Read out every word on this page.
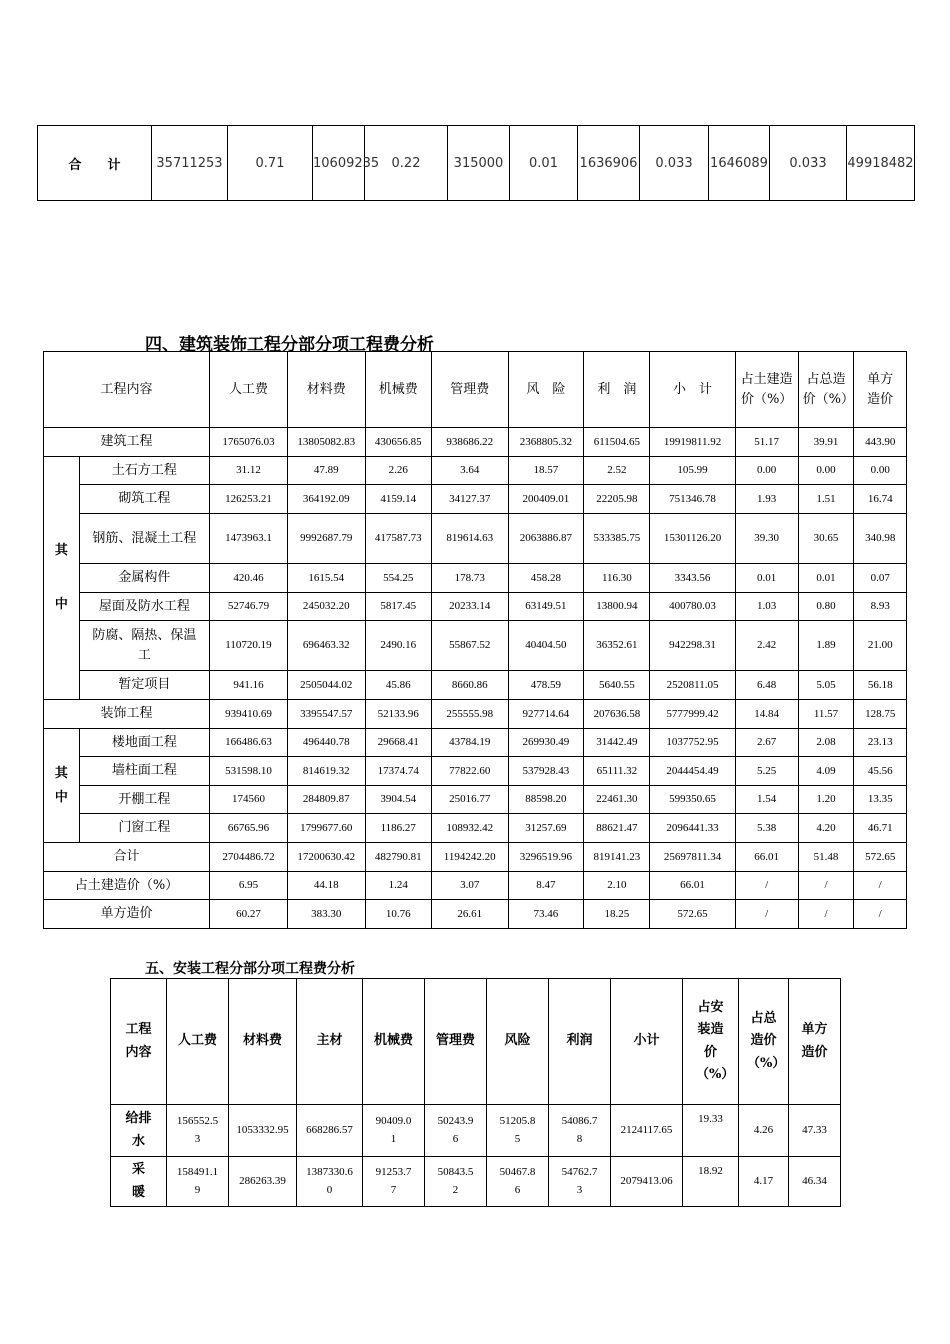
合　　计	35711253	0.71	10609235	0.22	315000	0.01	1636906	0.033	1646089	0.033	49918482
四、建筑装饰工程分部分项工程费分析
工程内容		人工费	材料费	机械费	管理费	风　险	利　润	小　计	占土建造价（%）	占总造价（%）	单方造价
建筑工程		1765076.03	13805082.83	430656.85	938686.22	2368805.32	611504.65	19919811.92	51.17	39.91	443.90
其

中	土石方工程	31.12	47.89	2.26	3.64	18.57	2.52	105.99	0.00	0.00	0.00
	砌筑工程	126253.21	364192.09	4159.14	34127.37	200409.01	22205.98	751346.78	1.93	1.51	16.74
	钢筋、混凝土工程	1473963.1	9992687.79	417587.73	819614.63	2063886.87	533385.75	15301126.20	39.30	30.65	340.98
	金属构件	420.46	1615.54	554.25	178.73	458.28	116.30	3343.56	0.01	0.01	0.07
	屋面及防水工程	52746.79	245032.20	5817.45	20233.14	63149.51	13800.94	400780.03	1.03	0.80	8.93
	防腐、隔热、保温工	110720.19	696463.32	2490.16	55867.52	40404.50	36352.61	942298.31	2.42	1.89	21.00
	暂定项目	941.16	2505044.02	45.86	8660.86	478.59	5640.55	2520811.05	6.48	5.05	56.18
装饰工程		939410.69	3395547.57	52133.96	255555.98	927714.64	207636.58	5777999.42	14.84	11.57	128.75
其
中	楼地面工程	166486.63	496440.78	29668.41	43784.19	269930.49	31442.49	1037752.95	2.67	2.08	23.13
	墙柱面工程	531598.10	814619.32	17374.74	77822.60	537928.43	65111.32	2044454.49	5.25	4.09	45.56
	开棚工程	174560	284809.87	3904.54	25016.77	88598.20	22461.30	599350.65	1.54	1.20	13.35
	门窗工程	66765.96	1799677.60	1186.27	108932.42	31257.69	88621.47	2096441.33	5.38	4.20	46.71
合计		2704486.72	17200630.42	482790.81	1194242.20	3296519.96	819141.23	25697811.34	66.01	51.48	572.65
占土建造价（%）		6.95	44.18	1.24	3.07	8.47	2.10	66.01	/	/	/
单方造价		60.27	383.30	10.76	26.61	73.46	18.25	572.65	/	/	/
五、安装工程分部分项工程费分析
工程内容	人工费	材料费	主材	机械费	管理费	风险	利润	小计	占安装造价（%）	占总造价（%）	单方造价
给排水	156552.53	1053332.95	668286.57	90409.01	50243.96	51205.85	54086.78	2124117.65	19.33	4.26	47.33
采暖	158491.19	286263.39	1387330.60	91253.77	50843.52	50467.86	54762.73	2079413.06	18.92	4.17	46.34
